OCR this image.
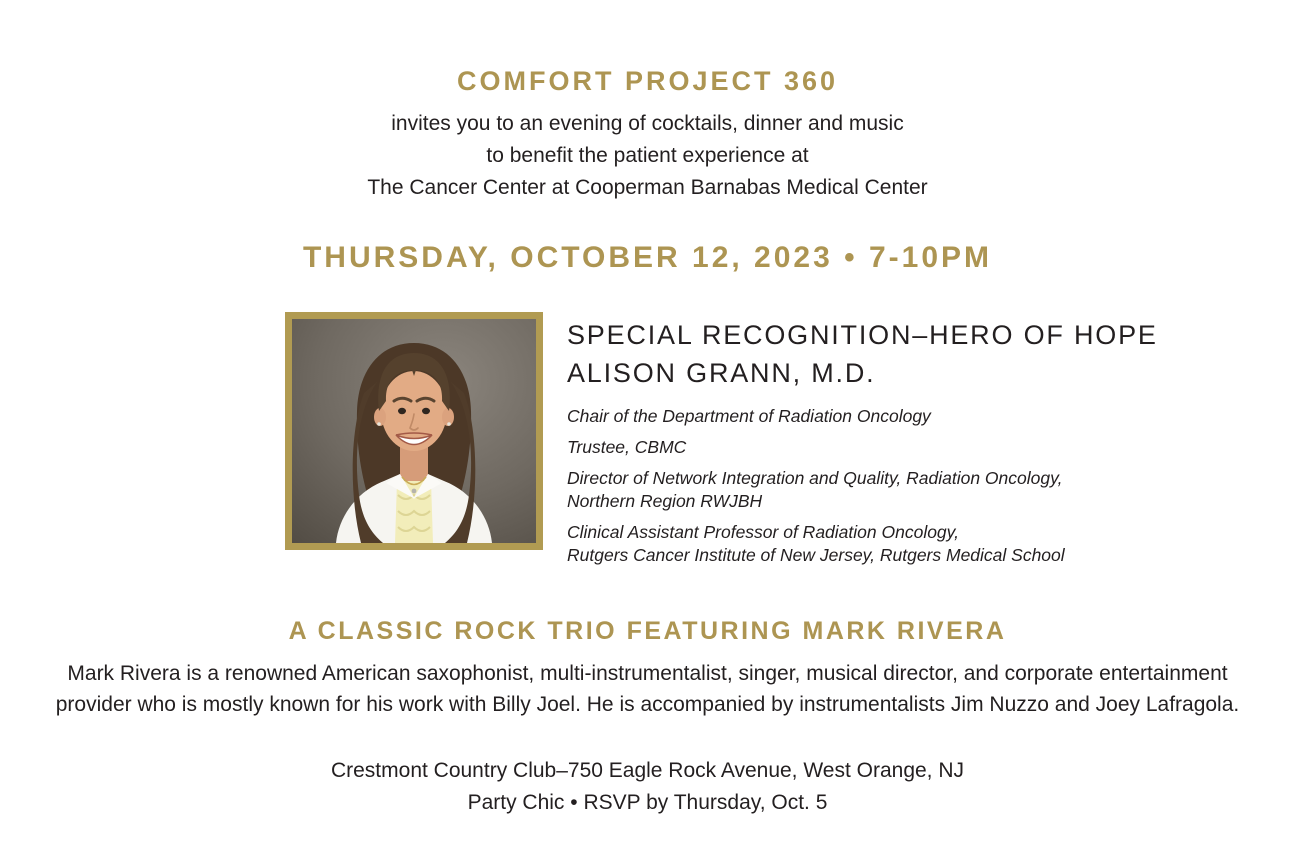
COMFORT PROJECT 360

invites you to an evening of cocktails, dinner and music

to benefit the patient experience at

The Cancer Center at Cooperman Barnabas Medical Center

THURSDAY, OCTOBER 12, 2023 • 7-10PM
SPECIAL RECOGNITION–HERO OF HOPE
ALISON GRANN, M.D.

Chair of the Department of Radiation Oncology

Trustee, CBMC

Director of Network Integration and Quality, Radiation Oncology,
Northern Region RWJBH

Clinical Assistant Professor of Radiation Oncology,
Rutgers Cancer Institute of New Jersey, Rutgers Medical School

A CLASSIC ROCK TRIO FEATURING MARK RIVERA

Mark Rivera is a renowned American saxophonist, multi-instrumentalist, singer, musical director, and corporate entertainment
provider who is mostly known for his work with Billy Joel. He is accompanied by instrumentalists Jim Nuzzo and Joey Lafragola.

Crestmont Country Club–750 Eagle Rock Avenue, West Orange, NJ

Party Chic • RSVP by Thursday, Oct. 5
